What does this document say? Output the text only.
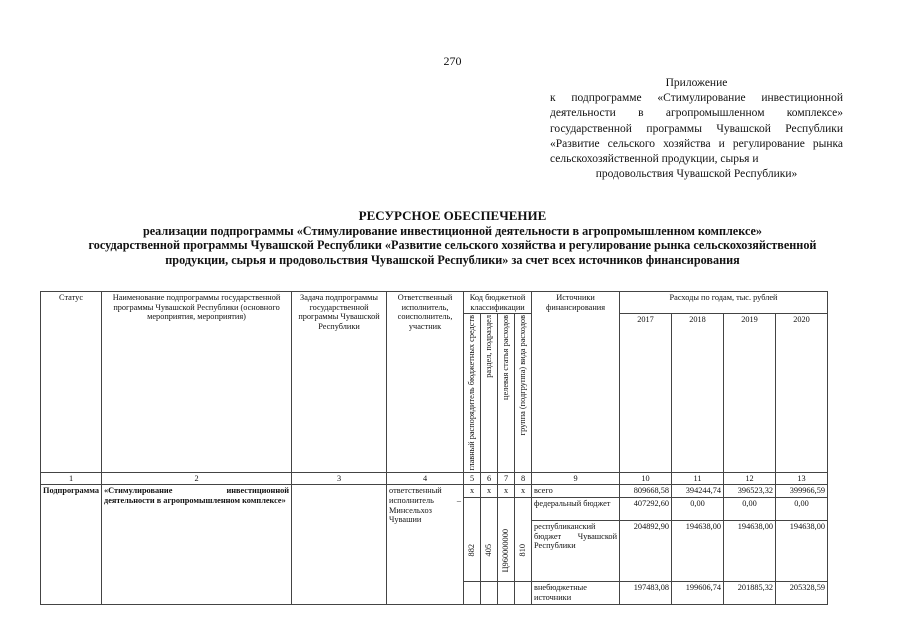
270
Приложение
к подпрограмме «Стимулирование инвестиционной деятельности в агропромышленном комплексе» государственной программы Чувашской Республики «Развитие сельского хозяйства и регулирование рынка сельскохозяйственной продукции, сырья и
продовольствия Чувашской Республики»
РЕСУРСНОЕ ОБЕСПЕЧЕНИЕ
реализации подпрограммы «Стимулирование инвестиционной деятельности в агропромышленном комплексе»
государственной программы Чувашской Республики «Развитие сельского хозяйства и регулирование рынка сельскохозяйственной
продукции, сырья и продовольствия Чувашской Республики» за счет всех источников финансирования
Статус	Наименование подпрограммы государственной программы Чувашской Республики (основного мероприятия, мероприятия)	Задача подпрограммы государственной программы Чувашской Республики	Ответственный исполнитель, соисполнитель, участник	Код бюджетной классификации				Источники финансирования	Расходы по годам, тыс. рублей			

				главный распорядитель бюджетных средств	раздел, подраздел	целевая статья расходов	группа (подгруппа) вида расходов		2017	2018	2019	2020
1	2	3	4	5	6	7	8	9	10	11	12	13
Подпрограмма	«Стимулирование инвестиционной деятельности в агропромышленном комплексе»		ответственный исполнитель – Минсельхоз Чувашии	x	x	x	x	всего	809668,58	394244,74	396523,32	399966,59
								федеральный бюджет	407292,60	0,00	0,00	0,00

				882	405	Ц960000000	810	республиканский бюджет Чувашской Республики	204892,90	194638,00	194638,00	194638,00
								внебюджетные источники	197483,08	199606,74	201885,32	205328,59
